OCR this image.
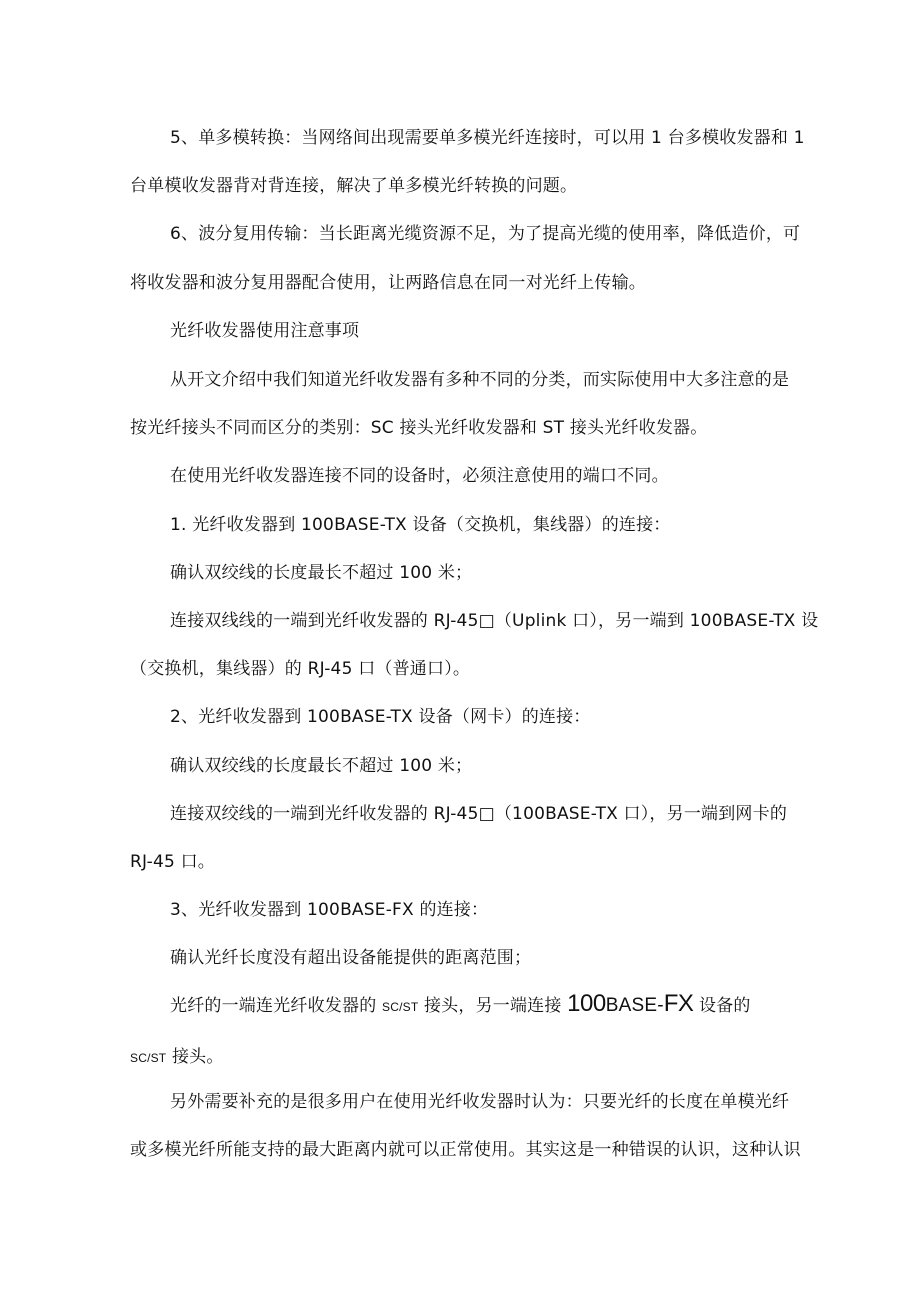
5、单多模转换：当网络间出现需要单多模光纤连接时，可以用 1 台多模收发器和 1
台单模收发器背对背连接，解决了单多模光纤转换的问题。
6、波分复用传输：当长距离光缆资源不足，为了提高光缆的使用率，降低造价，可
将收发器和波分复用器配合使用，让两路信息在同一对光纤上传输。
光纤收发器使用注意事项
从开文介绍中我们知道光纤收发器有多种不同的分类，而实际使用中大多注意的是
按光纤接头不同而区分的类别：SC 接头光纤收发器和 ST 接头光纤收发器。
在使用光纤收发器连接不同的设备时，必须注意使用的端口不同。
1. 光纤收发器到 100BASE-TX 设备（交换机，集线器）的连接：
确认双绞线的长度最长不超过 100 米；
连接双线线的一端到光纤收发器的 RJ-45□（Uplink 口），另一端到 100BASE-TX 设
（交换机，集线器）的 RJ-45 口（普通口）。
2、光纤收发器到 100BASE-TX 设备（网卡）的连接：
确认双绞线的长度最长不超过 100 米；
连接双绞线的一端到光纤收发器的 RJ-45□（100BASE-TX 口），另一端到网卡的
RJ-45 口。
3、光纤收发器到 100BASE-FX 的连接：
确认光纤长度没有超出设备能提供的距离范围；
光纤的一端连光纤收发器的 SC/ST 接头，另一端连接 100BASE-FX 设备的
SC/ST 接头。
另外需要补充的是很多用户在使用光纤收发器时认为：只要光纤的长度在单模光纤
或多模光纤所能支持的最大距离内就可以正常使用。其实这是一种错误的认识，这种认识
